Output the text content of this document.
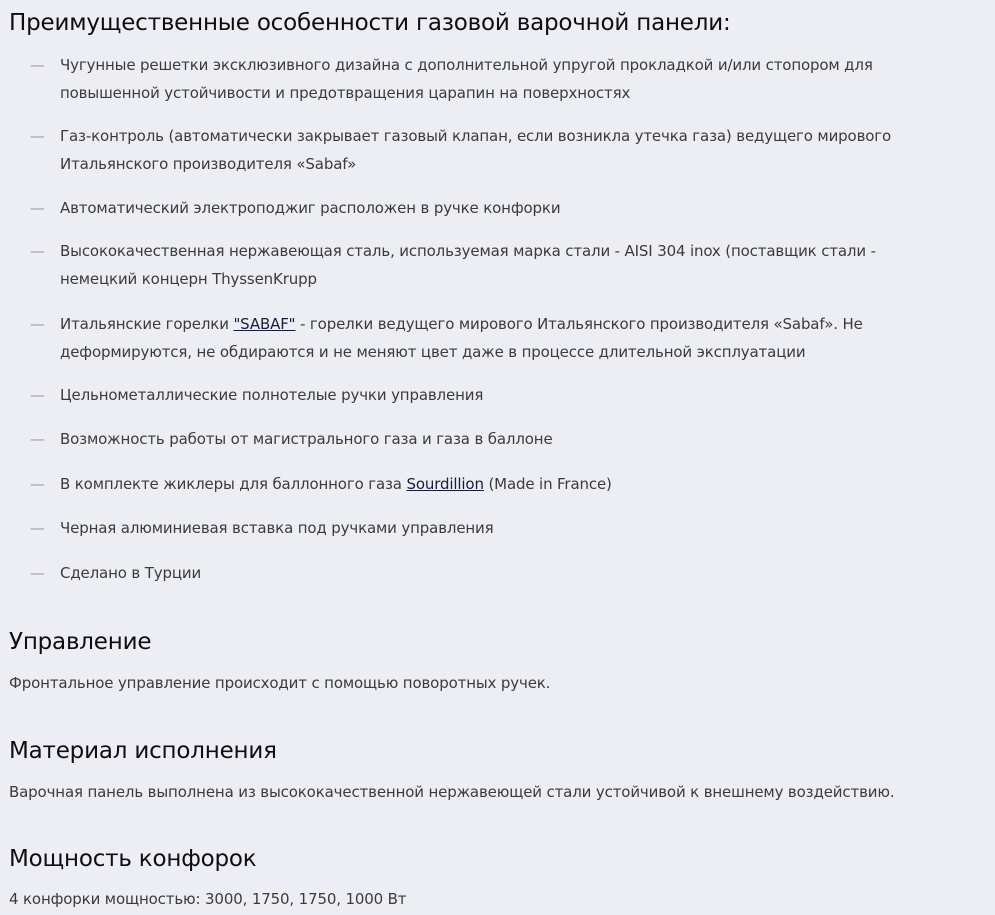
Преимущественные особенности газовой варочной панели:
— Чугунные решетки эксклюзивного дизайна с дополнительной упругой прокладкой и/или стопором для повышенной устойчивости и предотвращения царапин на поверхностях
— Газ-контроль (автоматически закрывает газовый клапан, если возникла утечка газа) ведущего мирового Итальянского производителя «Sabaf»
— Автоматический электроподжиг расположен в ручке конфорки
— Высококачественная нержавеющая сталь, используемая марка стали - AISI 304 inox (поставщик стали - немецкий концерн ThyssenKrupp
— Итальянские горелки "SABAF" - горелки ведущего мирового Итальянского производителя «Sabaf». Не деформируются, не обдираются и не меняют цвет даже в процессе длительной эксплуатации
— Цельнометаллические полнотелые ручки управления
— Возможность работы от магистрального газа и газа в баллоне
— В комплекте жиклеры для баллонного газа Sourdillion (Made in France)
— Черная алюминиевая вставка под ручками управления
— Сделано в Турции
Управление

Фронтальное управление происходит с помощью поворотных ручек.

Материал исполнения

Варочная панель выполнена из высококачественной нержавеющей стали устойчивой к внешнему воздействию.

Мощность конфорок

4 конфорки мощностью: 3000, 1750, 1750, 1000 Вт
